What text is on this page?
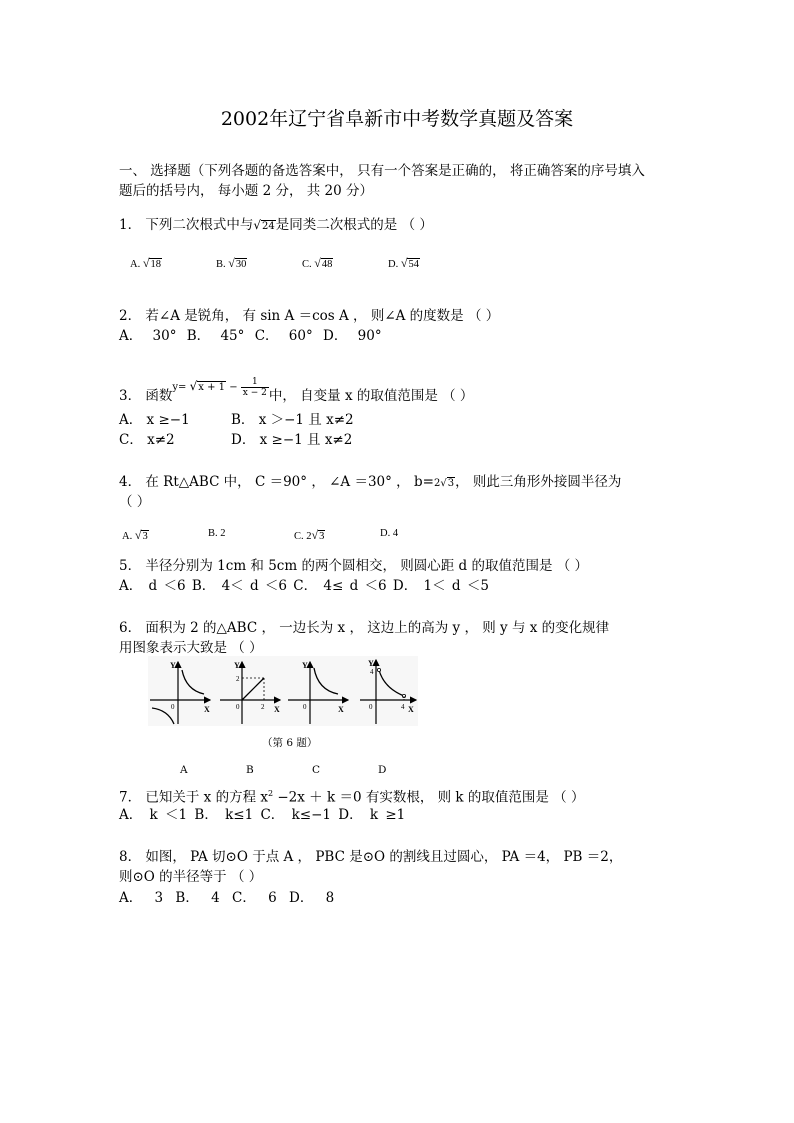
2002年辽宁省阜新市中考数学真题及答案
一、 选择题（下列各题的备选答案中， 只有一个答案是正确的， 将正确答案的序号填入
题后的括号内， 每小题 2 分， 共 20 分）
1． 下列二次根式中与√24是同类二次根式的是 （ ）
A. √18	B. √30	C. √48	D. √54
2． 若∠A 是锐角， 有 sin A ＝cos A ， 则∠A 的度数是 （ ）
A． 30° B． 45° C． 60° D． 90°
3． 函数$y= √x + 1 - \frac{1}{x - 2}$ 中， 自变量 x 的取值范围是 （ ）
A． x ≥−1	B． x ＞−1 且 x≠2
C． x≠2	D． x ≥−1 且 x≠2
4． 在 Rt△ABC 中， C ＝90° ， ∠A ＝30° ， b=2√3， 则此三角形外接圆半径为
（ ）
A. √3	B. 2	C. 2√3	D. 4
5． 半径分别为 1cm 和 5cm 的两个圆相交， 则圆心距 d 的取值范围是 （ ）
A． d ＜6 B． 4＜ d ＜6 C． 4≤ d ＜6 D． 1＜ d ＜5
6． 面积为 2 的△ABC ， 一边长为 x ， 这边上的高为 y ， 则 y 与 x 的变化规律
用图象表示大致是 （ ）
Y
X
0
Y
X
2
2
0
Y
X
0
Y
X
4
4
0
（第 6 题）
A	B	C	D
7． 已知关于 x 的方程 $x^2 -2x + k =0$ 有实数根， 则 k 的取值范围是 （ ）
A． k ＜1 B． k≤1 C． k≤−1 D． k ≥1
8． 如图， PA 切⊙O 于点 A ， PBC 是⊙O 的割线且过圆心， PA ＝4， PB ＝2，
则⊙O 的半径等于 （ ）
A． 3 B． 4 C． 6 D． 8
